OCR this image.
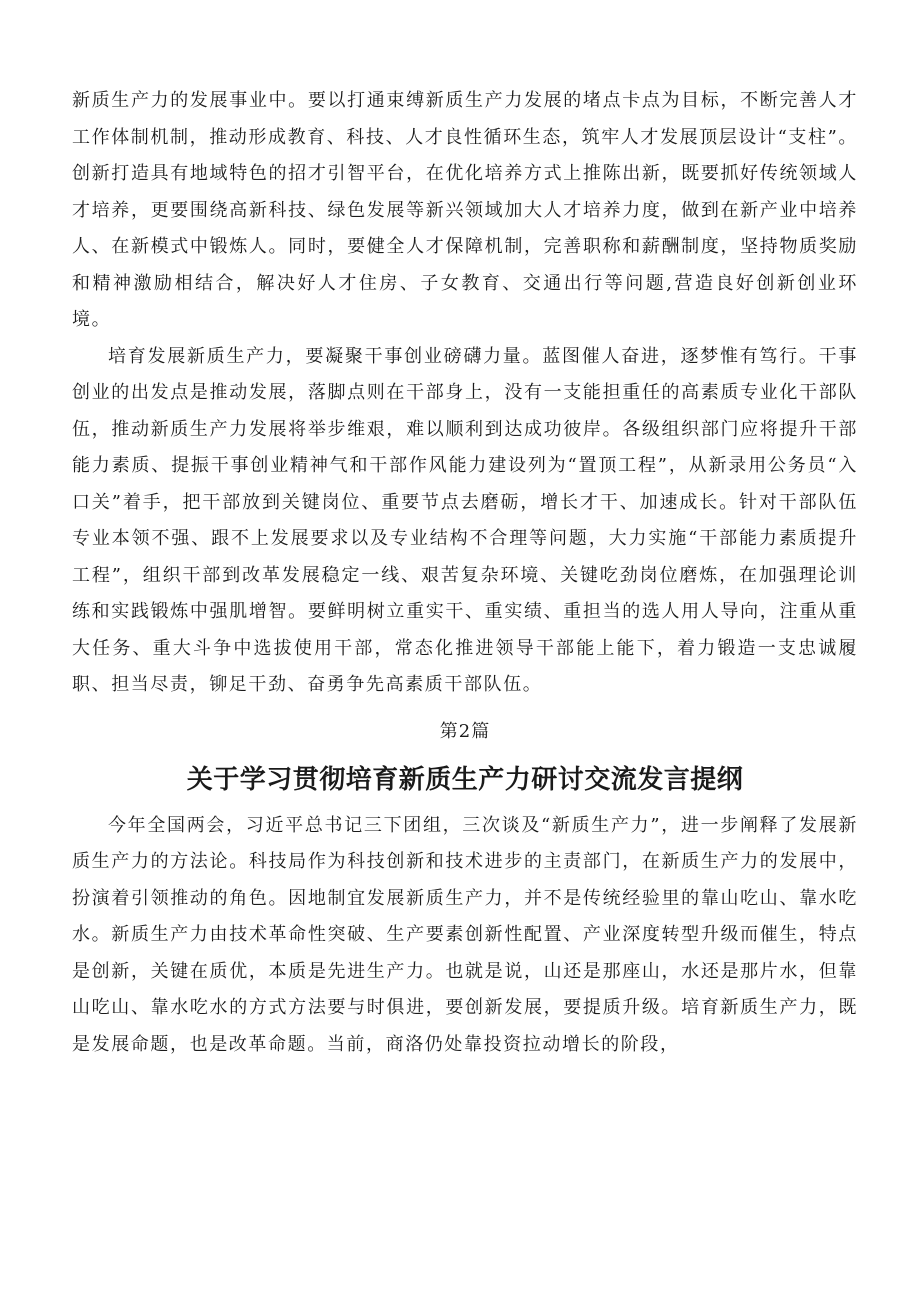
新质生产力的发展事业中。要以打通束缚新质生产力发展的堵点卡点为目标，不断完善人才工作体制机制，推动形成教育、科技、人才良性循环生态，筑牢人才发展顶层设计“支柱”。创新打造具有地域特色的招才引智平台，在优化培养方式上推陈出新，既要抓好传统领域人才培养，更要围绕高新科技、绿色发展等新兴领域加大人才培养力度，做到在新产业中培养人、在新模式中锻炼人。同时，要健全人才保障机制，完善职称和薪酬制度，坚持物质奖励和精神激励相结合，解决好人才住房、子女教育、交通出行等问题,营造良好创新创业环境。

培育发展新质生产力，要凝聚干事创业磅礴力量。蓝图催人奋进，逐梦惟有笃行。干事创业的出发点是推动发展，落脚点则在干部身上，没有一支能担重任的高素质专业化干部队伍，推动新质生产力发展将举步维艰，难以顺利到达成功彼岸。各级组织部门应将提升干部能力素质、提振干事创业精神气和干部作风能力建设列为“置顶工程”，从新录用公务员“入口关”着手，把干部放到关键岗位、重要节点去磨砺，增长才干、加速成长。针对干部队伍专业本领不强、跟不上发展要求以及专业结构不合理等问题，大力实施“干部能力素质提升工程”，组织干部到改革发展稳定一线、艰苦复杂环境、关键吃劲岗位磨炼，在加强理论训练和实践锻炼中强肌增智。要鲜明树立重实干、重实绩、重担当的选人用人导向，注重从重大任务、重大斗争中选拔使用干部，常态化推进领导干部能上能下，着力锻造一支忠诚履职、担当尽责，铆足干劲、奋勇争先高素质干部队伍。

第2篇
关于学习贯彻培育新质生产力研讨交流发言提纲

今年全国两会，习近平总书记三下团组，三次谈及“新质生产力”，进一步阐释了发展新质生产力的方法论。科技局作为科技创新和技术进步的主责部门，在新质生产力的发展中，扮演着引领推动的角色。因地制宜发展新质生产力，并不是传统经验里的靠山吃山、靠水吃水。新质生产力由技术革命性突破、生产要素创新性配置、产业深度转型升级而催生，特点是创新，关键在质优，本质是先进生产力。也就是说，山还是那座山，水还是那片水，但靠山吃山、靠水吃水的方式方法要与时俱进，要创新发展，要提质升级。培育新质生产力，既是发展命题，也是改革命题。当前，商洛仍处靠投资拉动增长的阶段，
